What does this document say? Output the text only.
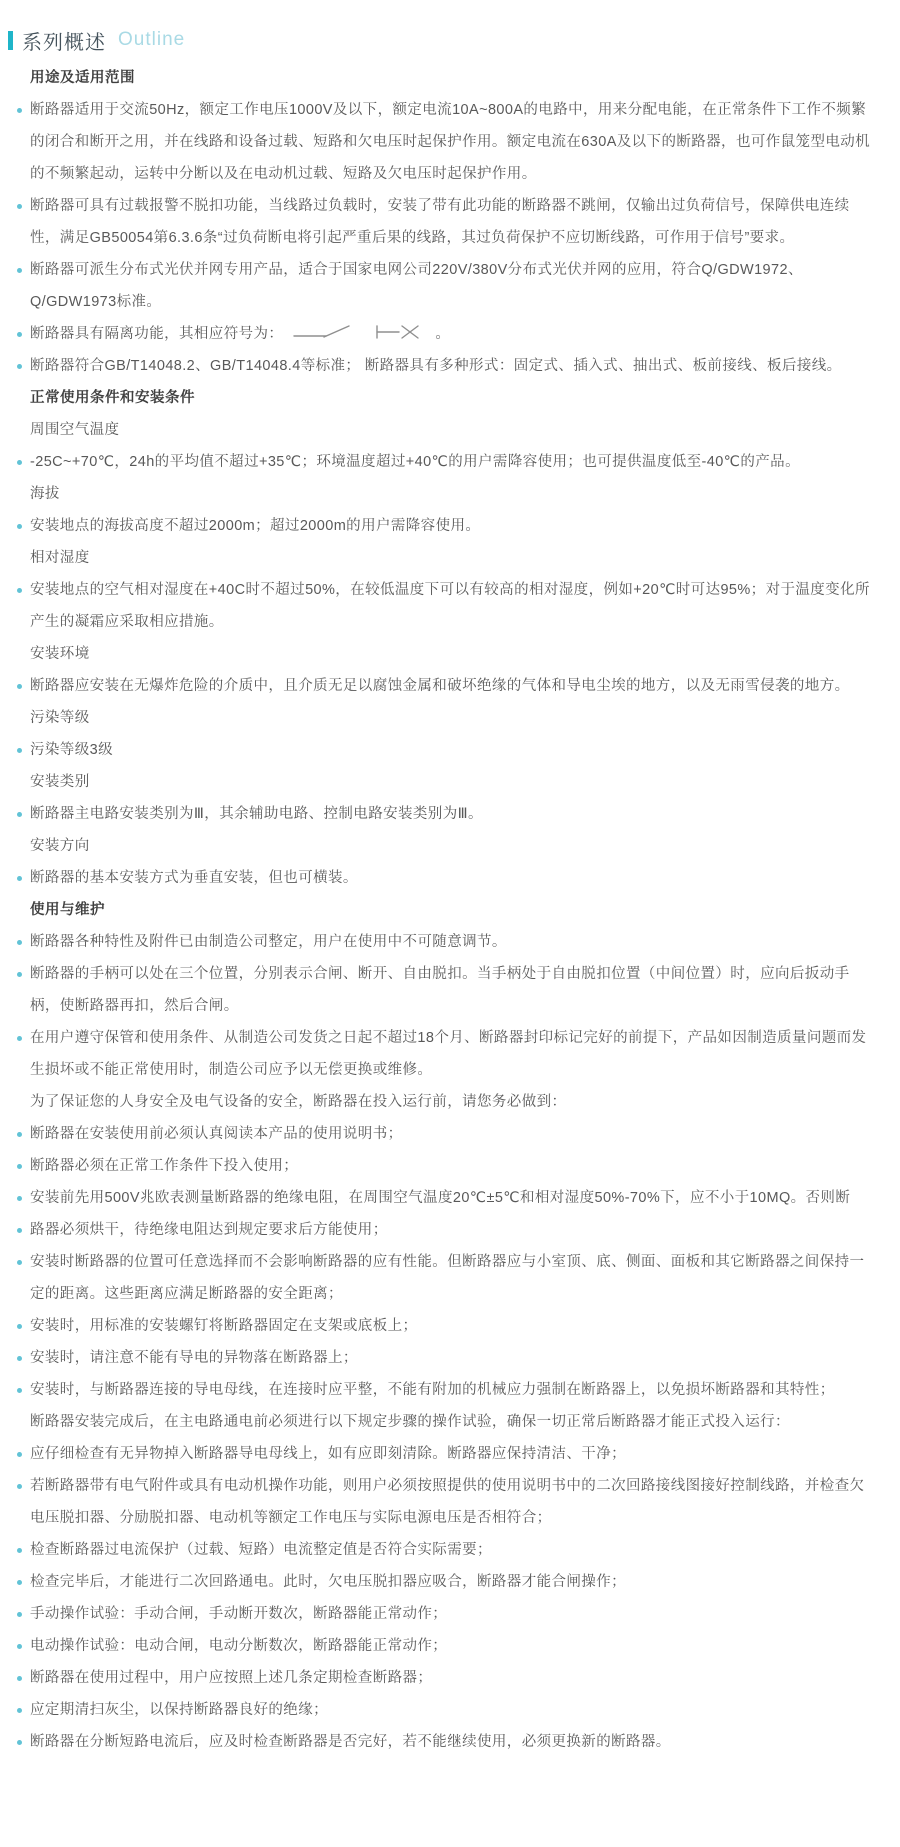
系列概述 Outline
用途及适用范围
断路器适用于交流50Hz，额定工作电压1000V及以下，额定电流10A~800A的电路中，用来分配电能，在正常条件下工作不频繁的闭合和断开之用，并在线路和设备过载、短路和欠电压时起保护作用。额定电流在630A及以下的断路器，也可作鼠笼型电动机的不频繁起动，运转中分断以及在电动机过载、短路及欠电压时起保护作用。
断路器可具有过载报警不脱扣功能，当线路过负载时，安装了带有此功能的断路器不跳闸，仅输出过负荷信号，保障供电连续性，满足GB50054第6.3.6条“过负荷断电将引起严重后果的线路，其过负荷保护不应切断线路，可作用于信号”要求。
断路器可派生分布式光伏并网专用产品，适合于国家电网公司220V/380V分布式光伏并网的应用，符合Q/GDW1972、Q/GDW1973标准。
断路器具有隔离功能，其相应符号为：	。
断路器符合GB/T14048.2、GB/T14048.4等标准； 断路器具有多种形式：固定式、插入式、抽出式、板前接线、板后接线。
正常使用条件和安装条件
周围空气温度
-25C~+70℃，24h的平均值不超过+35℃；环境温度超过+40℃的用户需降容使用；也可提供温度低至-40℃的产品。
海拔
安装地点的海拔高度不超过2000m；超过2000m的用户需降容使用。
相对湿度
安装地点的空气相对湿度在+40C时不超过50%，在较低温度下可以有较高的相对湿度，例如+20℃时可达95%；对于温度变化所产生的凝霜应采取相应措施。
安装环境
断路器应安装在无爆炸危险的介质中，且介质无足以腐蚀金属和破坏绝缘的气体和导电尘埃的地方，以及无雨雪侵袭的地方。
污染等级
污染等级3级
安装类别
断路器主电路安装类别为Ⅲ，其余辅助电路、控制电路安装类别为Ⅲ。
安装方向
断路器的基本安装方式为垂直安装，但也可横装。
使用与维护
断路器各种特性及附件已由制造公司整定，用户在使用中不可随意调节。
断路器的手柄可以处在三个位置，分别表示合闸、断开、自由脱扣。当手柄处于自由脱扣位置（中间位置）时，应向后扳动手柄，使断路器再扣，然后合闸。
在用户遵守保管和使用条件、从制造公司发货之日起不超过18个月、断路器封印标记完好的前提下，产品如因制造质量问题而发生损坏或不能正常使用时，制造公司应予以无偿更换或维修。
为了保证您的人身安全及电气设备的安全，断路器在投入运行前，请您务必做到：
断路器在安装使用前必须认真阅读本产品的使用说明书；
断路器必须在正常工作条件下投入使用；
安装前先用500V兆欧表测量断路器的绝缘电阻，在周围空气温度20℃±5℃和相对湿度50%-70%下，应不小于10MQ。否则断
路器必须烘干，待绝缘电阻达到规定要求后方能使用；
安装时断路器的位置可任意选择而不会影响断路器的应有性能。但断路器应与小室顶、底、侧面、面板和其它断路器之间保持一定的距离。这些距离应满足断路器的安全距离；
安装时，用标准的安装螺钉将断路器固定在支架或底板上；
安装时，请注意不能有导电的异物落在断路器上；
安装时，与断路器连接的导电母线，在连接时应平整，不能有附加的机械应力强制在断路器上，以免损坏断路器和其特性；
断路器安装完成后，在主电路通电前必须进行以下规定步骤的操作试验，确保一切正常后断路器才能正式投入运行：
应仔细检查有无异物掉入断路器导电母线上，如有应即刻清除。断路器应保持清洁、干净；
若断路器带有电气附件或具有电动机操作功能，则用户必须按照提供的使用说明书中的二次回路接线图接好控制线路，并检查欠电压脱扣器、分励脱扣器、电动机等额定工作电压与实际电源电压是否相符合；
检查断路器过电流保护（过载、短路）电流整定值是否符合实际需要；
检查完毕后，才能进行二次回路通电。此时，欠电压脱扣器应吸合，断路器才能合闸操作；
手动操作试验：手动合闸，手动断开数次，断路器能正常动作；
电动操作试验：电动合闸，电动分断数次，断路器能正常动作；
断路器在使用过程中，用户应按照上述几条定期检查断路器；
应定期清扫灰尘，以保持断路器良好的绝缘；
断路器在分断短路电流后，应及时检查断路器是否完好，若不能继续使用，必须更换新的断路器。
